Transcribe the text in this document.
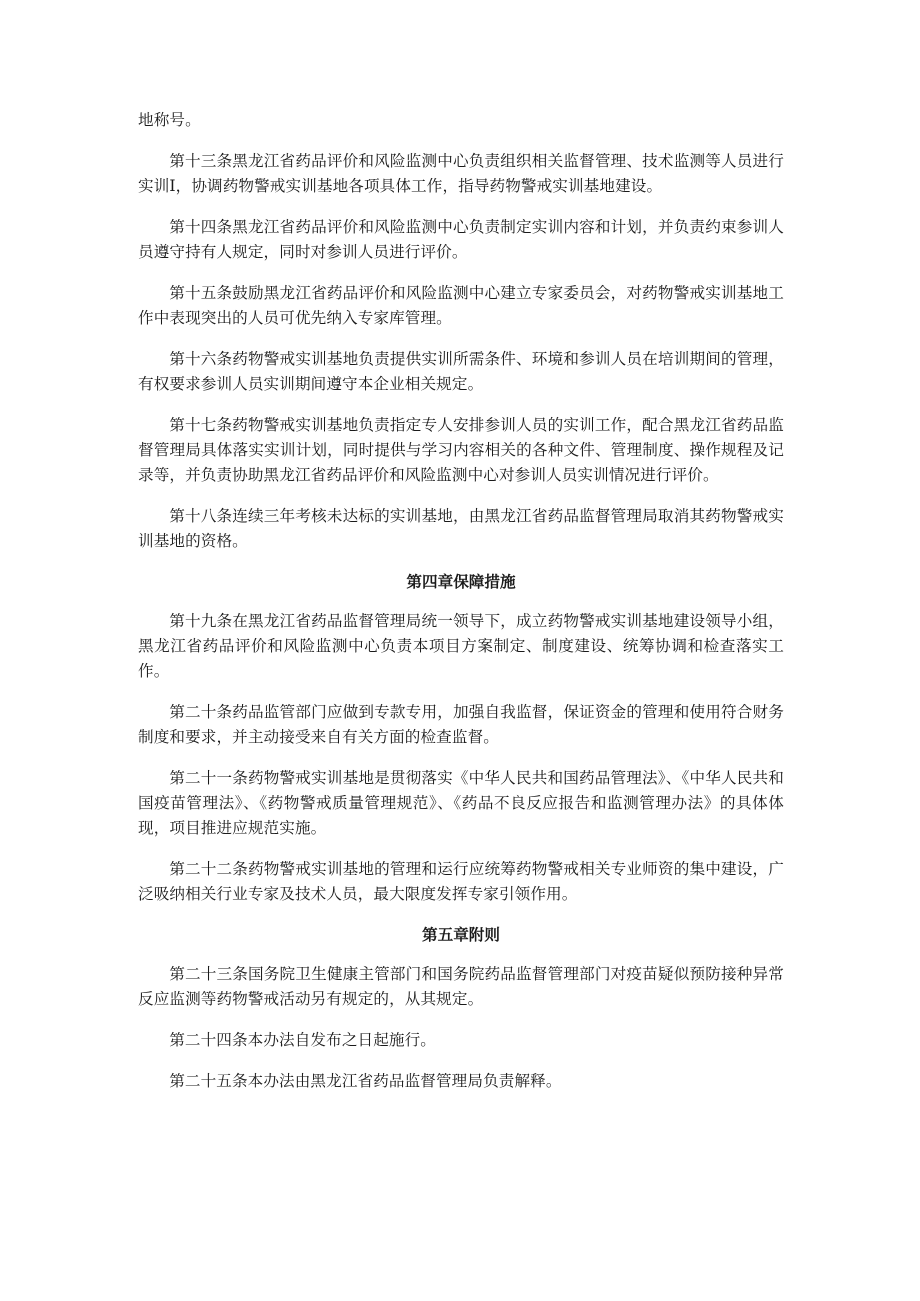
地称号。

第十三条黑龙江省药品评价和风险监测中心负责组织相关监督管理、技术监测等人员进行实训I，协调药物警戒实训基地各项具体工作，指导药物警戒实训基地建设。

第十四条黑龙江省药品评价和风险监测中心负责制定实训内容和计划，并负责约束参训人员遵守持有人规定，同时对参训人员进行评价。

第十五条鼓励黑龙江省药品评价和风险监测中心建立专家委员会，对药物警戒实训基地工作中表现突出的人员可优先纳入专家库管理。

第十六条药物警戒实训基地负责提供实训所需条件、环境和参训人员在培训期间的管理，有权要求参训人员实训期间遵守本企业相关规定。

第十七条药物警戒实训基地负责指定专人安排参训人员的实训工作，配合黑龙江省药品监督管理局具体落实实训计划，同时提供与学习内容相关的各种文件、管理制度、操作规程及记录等，并负责协助黑龙江省药品评价和风险监测中心对参训人员实训情况进行评价。

第十八条连续三年考核未达标的实训基地，由黑龙江省药品监督管理局取消其药物警戒实训基地的资格。

第四章保障措施

第十九条在黑龙江省药品监督管理局统一领导下，成立药物警戒实训基地建设领导小组，黑龙江省药品评价和风险监测中心负责本项目方案制定、制度建设、统筹协调和检查落实工作。

第二十条药品监管部门应做到专款专用，加强自我监督，保证资金的管理和使用符合财务制度和要求，并主动接受来自有关方面的检查监督。

第二十一条药物警戒实训基地是贯彻落实《中华人民共和国药品管理法》、《中华人民共和国疫苗管理法》、《药物警戒质量管理规范》、《药品不良反应报告和监测管理办法》的具体体现，项目推进应规范实施。

第二十二条药物警戒实训基地的管理和运行应统筹药物警戒相关专业师资的集中建设，广泛吸纳相关行业专家及技术人员，最大限度发挥专家引领作用。

第五章附则

第二十三条国务院卫生健康主管部门和国务院药品监督管理部门对疫苗疑似预防接种异常反应监测等药物警戒活动另有规定的，从其规定。

第二十四条本办法自发布之日起施行。

第二十五条本办法由黑龙江省药品监督管理局负责解释。
